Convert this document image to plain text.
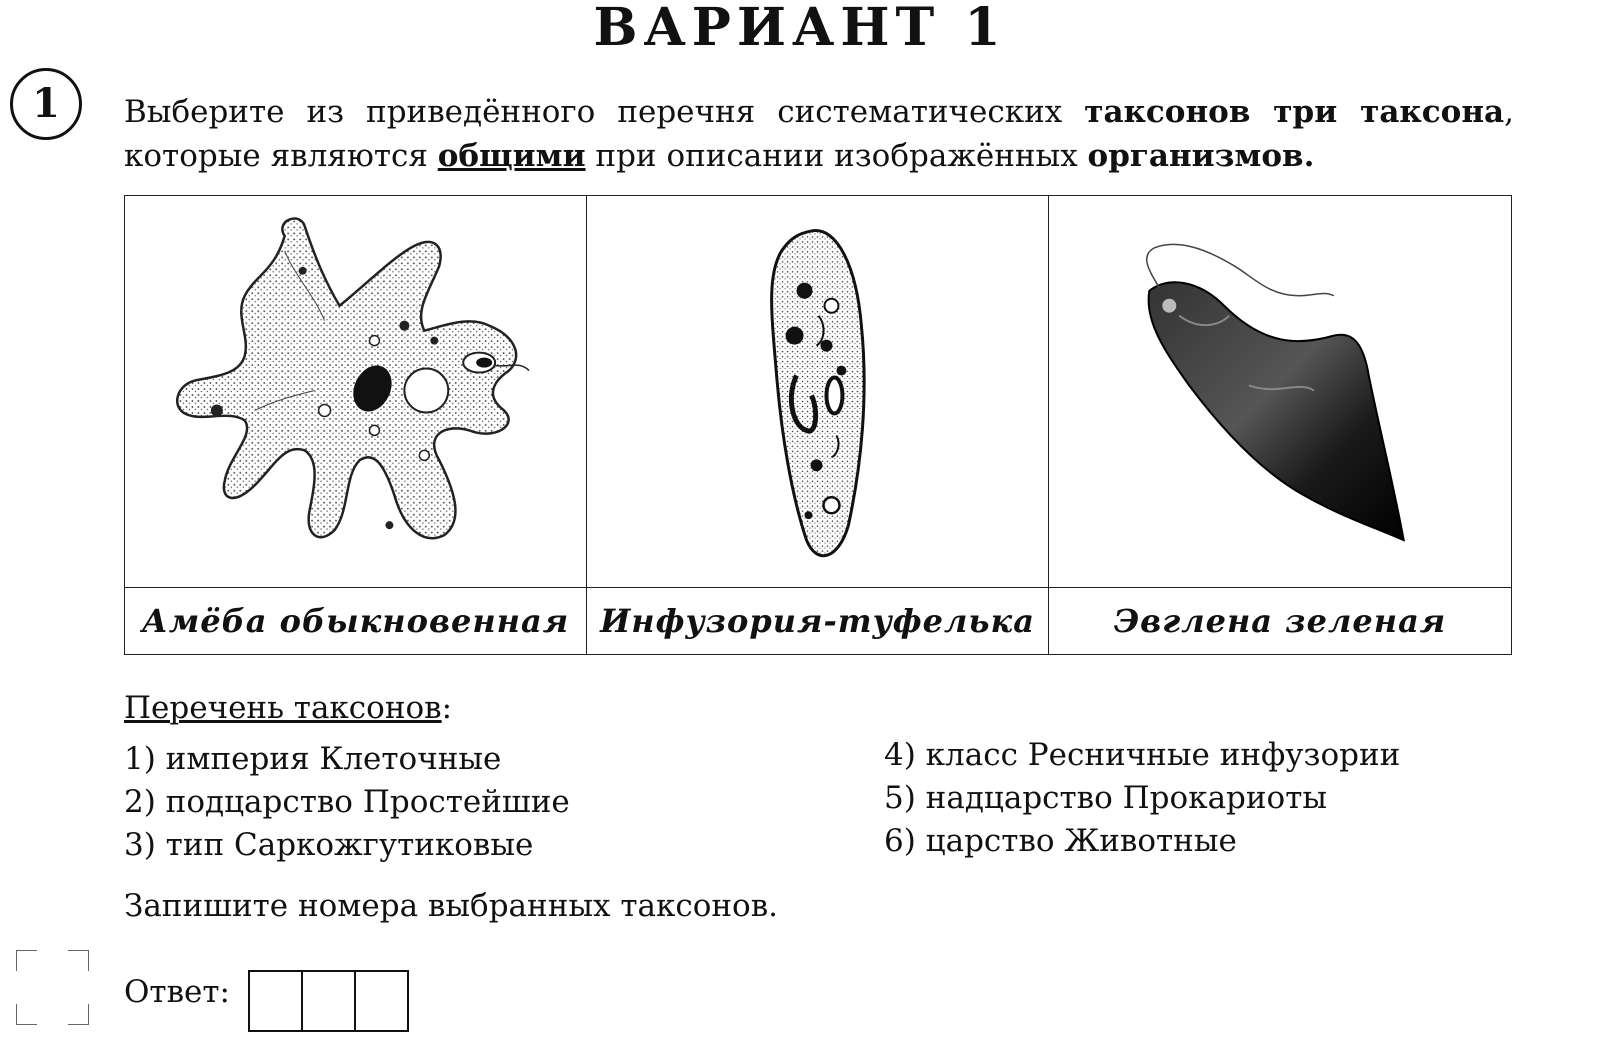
ВАРИАНТ 1
1	Выберите из приведённого перечня систематических таксонов три таксона, которые являются общими при описании изображённых организмов.
Амёба обыкновенная Инфузория-туфелька	Эвглена зеленая
Перечень таксонов:
1) империя Клеточные
2) подцарство Простейшие
3) тип Саркожгутиковые
4) класс Ресничные инфузории
5) надцарство Прокариоты
6) царство Животные
Запишите номера выбранных таксонов.
Ответ:
